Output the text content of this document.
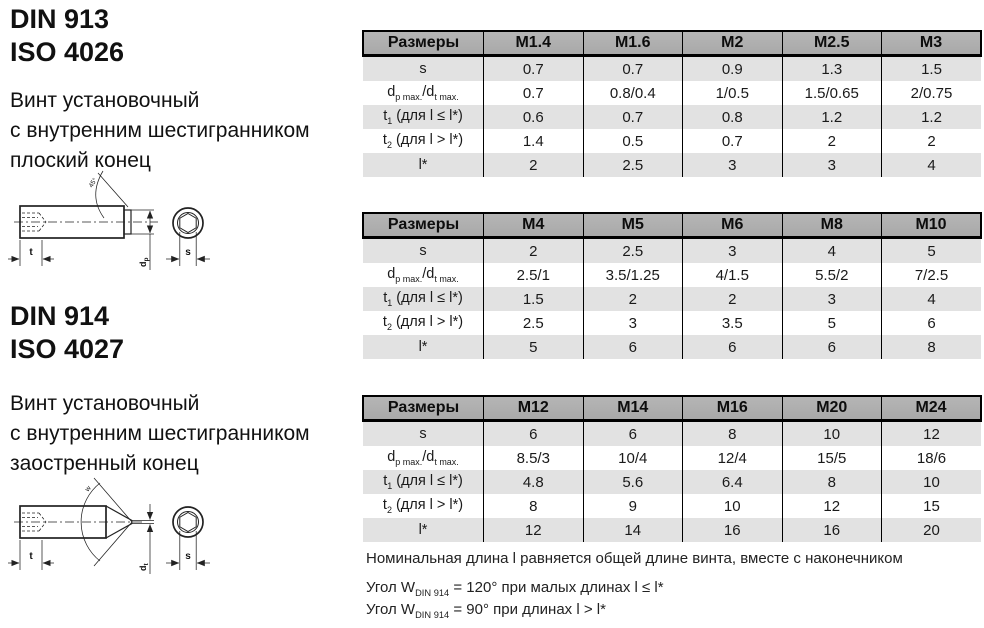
DIN 913
ISO 4026
Винт установочный
с внутренним шестигранником
плоский конец
45°
t
$d_p$
s
DIN 914
ISO 4027
Винт установочный
с внутренним шестигранником
заостренный конец
w
t
$d_t$
s
Размеры	M1.4	M1.6	M2	M2.5	M3
s	0.7	0.7	0.9	1.3	1.5
$d_{p max.}/d_{t max.}$	0.7	0.8/0.4	1/0.5	1.5/0.65	2/0.75
$t_1$ (для l ≤ l*)	0.6	0.7	0.8	1.2	1.2
$t_2$ (для l > l*)	1.4	0.5	0.7	2	2
l*	2	2.5	3	3	4
Размеры	M4	M5	M6	M8	M10
s	2	2.5	3	4	5
$d_{p max.}/d_{t max.}$	2.5/1	3.5/1.25	4/1.5	5.5/2	7/2.5
$t_1$ (для l ≤ l*)	1.5	2	2	3	4
$t_2$ (для l > l*)	2.5	3	3.5	5	6
l*	5	6	6	6	8
Размеры	M12	M14	M16	M20	M24
s	6	6	8	10	12
$d_{p max.}/d_{t max.}$	8.5/3	10/4	12/4	15/5	18/6
$t_1$ (для l ≤ l*)	4.8	5.6	6.4	8	10
$t_2$ (для l > l*)	8	9	10	12	15
l*	12	14	16	16	20
Номинальная длина l равняется общей длине винта, вместе с наконечником
Угол $W_{DIN 914} = 120^\circ$ при малых длинах l ≤ l*
Угол $W_{DIN 914} = 90^\circ$ при длинах l > l*
